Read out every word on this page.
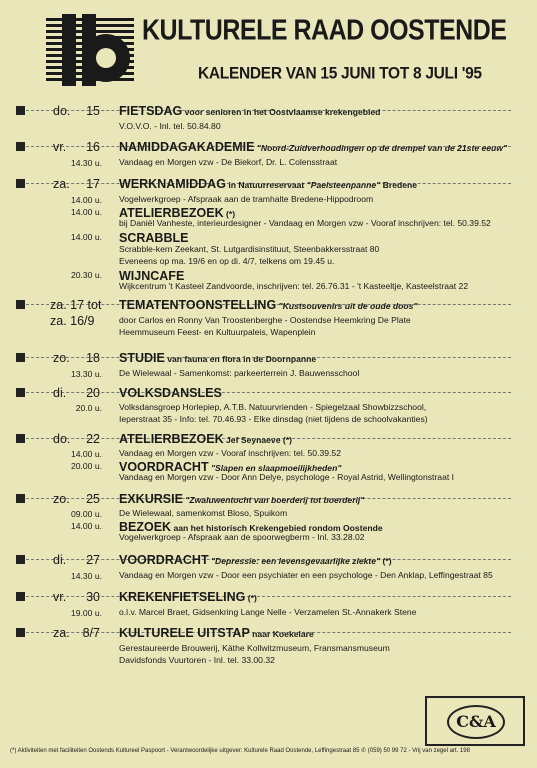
KULTURELE RAAD OOSTENDE
KALENDER VAN 15 JUNI TOT 8 JULI '95
do. 15 FIETSDAG voor senioren in het Oostvlaamse krekengebied
V.O.V.O. - Inl. tel. 50.84.80
vr. 16 NAMIDDAGAKADEMIE "Noord-Zuidverhoudingen op de drempel van de 21ste eeuw"
14.30 u. Vandaag en Morgen vzw - De Biekorf, Dr. L. Colensstraat
za. 17 WERKNAMIDDAG in Natuurreservaat "Paelsteenpanne" Bredene
14.00 u. Vogelwerkgroep - Afspraak aan de tramhalte Bredene-Hippodroom
14.00 u. ATELIERBEZOEK (*)
bij Daniël Vanheste, interieurdesigner - Vandaag en Morgen vzw - Vooraf inschrijven: tel. 50.39.52
14.00 u. SCRABBLE
Scrabble-kern Zeekant, St. Lutgardisinstituut, Steenbakkersstraat 80
Eveneens op ma. 19/6 en op di. 4/7, telkens om 19.45 u.
20.30 u. WIJNCAFE
Wijkcentrum 't Kasteel Zandvoorde, inschrijven: tel. 26.76.31 - 't Kasteeltje, Kasteelstraat 22
za. 17 tot
za. 16/9
TEMATENTOONSTELLING "Kustsouvenirs uit de oude doos"
door Carlos en Ronny Van Troostenberghe - Oostendse Heemkring De Plate
Heemmuseum Feest- en Kultuurpaleis, Wapenplein
zo. 18 STUDIE van fauna en flora in de Doornpanne
13.30 u. De Wielewaal - Samenkomst: parkeerterrein J. Bauwensschool
di. 20 VOLKSDANSLES
20.0 u. Volksdansgroep Horlepiep, A.T.B. Natuurvrienden - Spiegelzaal Showbizzschool,
Ieperstraat 35 - Info: tel. 70.46.93 - Elke dinsdag (niet tijdens de schoolvakanties)
do. 22 ATELIERBEZOEK Jef Seynaeve (*)
14.00 u. Vandaag en Morgen vzw - Vooraf inschrijven: tel. 50.39.52
20.00 u. VOORDRACHT "Slapen en slaapmoeilijkheden"
Vandaag en Morgen vzw - Door Ann Delye, psychologe - Royal Astrid, Wellingtonstraat I
zo. 25 EXKURSIE "Zwaluwentocht van boerderij tot boerderij"
09.00 u. De Wielewaal, samenkomst Bloso, Spuikom
14.00 u. BEZOEK aan het historisch Krekengebied rondom Oostende
Vogelwerkgroep - Afspraak aan de spoorwegberm - Inl. 33.28.02
di. 27 VOORDRACHT "Depressie: een levensgevaarlijke ziekte" (*)
14.30 u. Vandaag en Morgen vzw - Door een psychiater en een psychologe - Den Anklap, Leffingestraat 85
vr. 30 KREKENFIETSELING (*)
19.00 u. o.l.v. Marcel Braet, Gidsenkring Lange Nelle - Verzamelen St.-Annakerk Stene
za.	8/7 KULTURELE UITSTAP naar Koekelare
Gerestaureerde Brouwerij, Käthe Kollwitzmuseum, Fransmansmuseum
Davidsfonds Vuurtoren - Inl. tel. 33.00.32
C&A
(*) Aktiviteiten met faciliteiten Oostends Kultureel Paspoort - Verantwoordelijke uitgever: Kulturele Raad Oostende, Leffingestraat 85 ✆ (059) 50 99 72 - Vrij van zegel art. 198
